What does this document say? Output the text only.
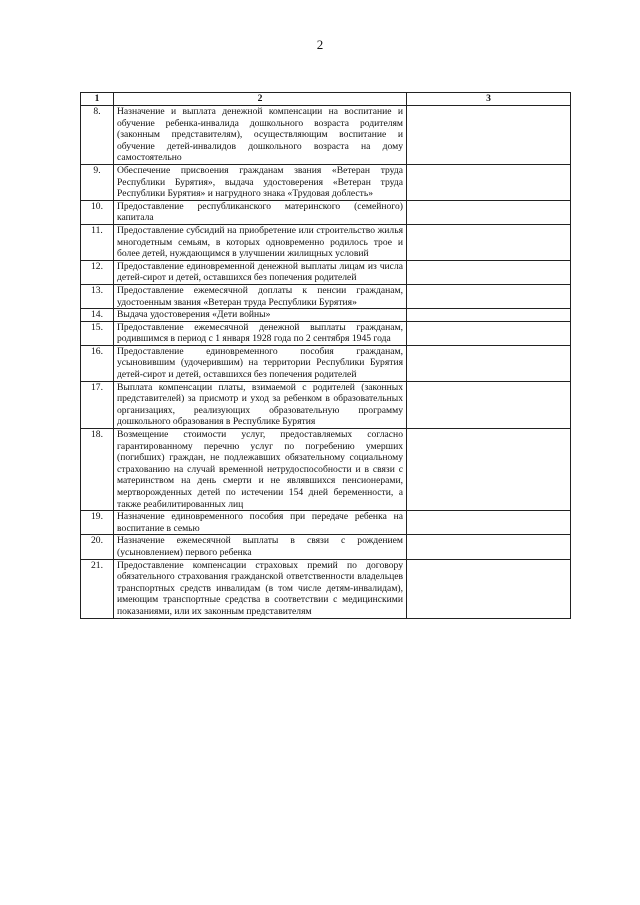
2
1	2	3
8.	Назначение и выплата денежной компенсации на воспитание и обучение ребенка-инвалида дошкольного возраста родителям (законным представителям), осуществляющим воспитание и обучение детей-инвалидов дошкольного возраста на дому самостоятельно	
9.	Обеспечение присвоения гражданам звания «Ветеран труда Республики Бурятия», выдача удостоверения «Ветеран труда Республики Бурятия» и нагрудного знака «Трудовая доблесть»	
10.	Предоставление республиканского материнского (семейного) капитала	
11.	Предоставление субсидий на приобретение или строительство жилья многодетным семьям, в которых одновременно родилось трое и более детей, нуждающимся в улучшении жилищных условий	
12.	Предоставление единовременной денежной выплаты лицам из числа детей-сирот и детей, оставшихся без попечения родителей	
13.	Предоставление ежемесячной доплаты к пенсии гражданам, удостоенным звания «Ветеран труда Республики Бурятия»	
14.	Выдача удостоверения «Дети войны»	
15.	Предоставление ежемесячной денежной выплаты гражданам, родившимся в период с 1 января 1928 года по 2 сентября 1945 года	
16.	Предоставление единовременного пособия гражданам, усыновившим (удочерившим) на территории Республики Бурятия детей-сирот и детей, оставшихся без попечения родителей	
17.	Выплата компенсации платы, взимаемой с родителей (законных представителей) за присмотр и уход за ребенком в образовательных организациях, реализующих образовательную программу дошкольного образования в Республике Бурятия	
18.	Возмещение стоимости услуг, предоставляемых согласно гарантированному перечню услуг по погребению умерших (погибших) граждан, не подлежавших обязательному социальному страхованию на случай временной нетрудоспособности и в связи с материнством на день смерти и не являвшихся пенсионерами, мертворожденных детей по истечении 154 дней беременности, а также реабилитированных лиц	
19.	Назначение единовременного пособия при передаче ребенка на воспитание в семью	
20.	Назначение ежемесячной выплаты в связи с рождением (усыновлением) первого ребенка	
21.	Предоставление компенсации страховых премий по договору обязательного страхования гражданской ответственности владельцев транспортных средств инвалидам (в том числе детям-инвалидам), имеющим транспортные средства в соответствии с медицинскими показаниями, или их законным представителям	
